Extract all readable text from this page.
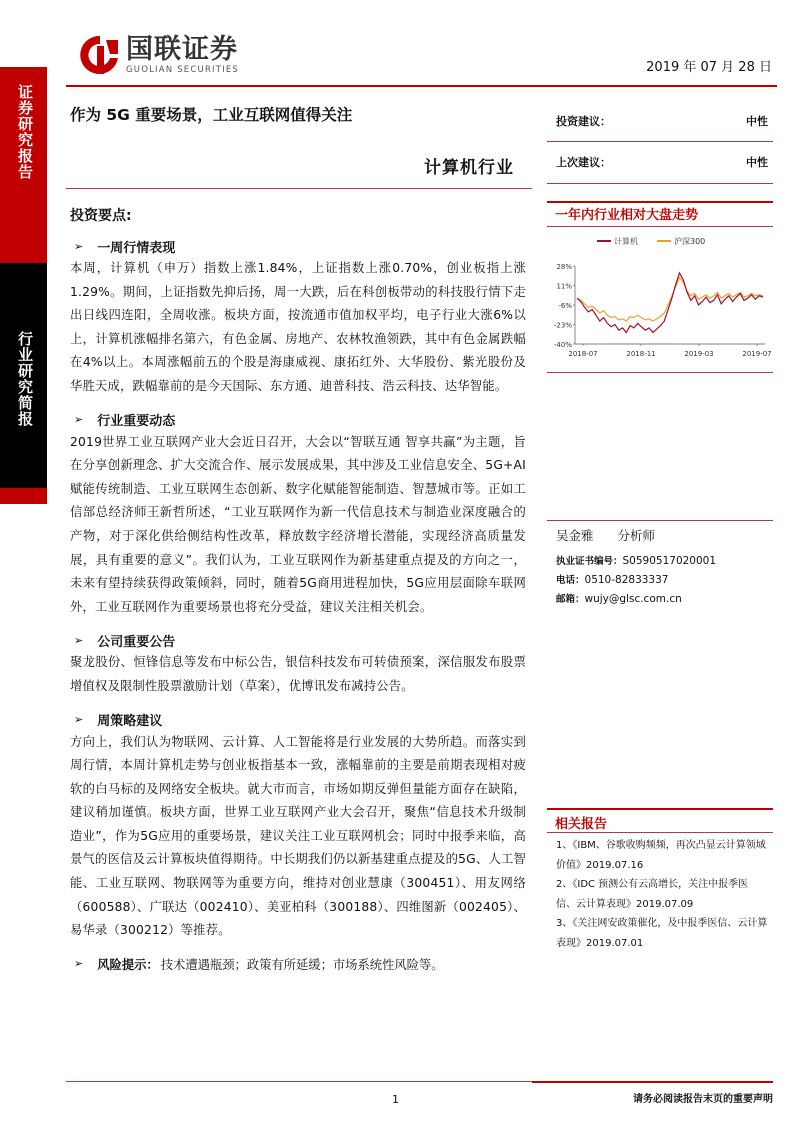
证券研究报告
行业研究简报
国联证券
GUOLIAN SECURITIES	2019 年 07 月 28 日
作为 5G 重要场景，工业互联网值得关注
计算机行业
投资建议：	中性
上次建议：	中性
投资要点:
➢ 一周行情表现
本周，计算机（申万）指数上涨1.84%，上证指数上涨0.70%，创业板指上涨1.29%。期间，上证指数先抑后扬，周一大跌，后在科创板带动的科技股行情下走出日线四连阳，全周收涨。板块方面，按流通市值加权平均，电子行业大涨6%以上，计算机涨幅排名第六，有色金属、房地产、农林牧渔领跌，其中有色金属跌幅在4%以上。本周涨幅前五的个股是海康威视、康拓红外、大华股份、紫光股份及华胜天成，跌幅靠前的是今天国际、东方通、迪普科技、浩云科技、达华智能。
➢ 行业重要动态
2019世界工业互联网产业大会近日召开，大会以“智联互通 智享共赢”为主题，旨在分享创新理念、扩大交流合作、展示发展成果，其中涉及工业信息安全、5G+AI赋能传统制造、工业互联网生态创新、数字化赋能智能制造、智慧城市等。正如工信部总经济师王新哲所述，“工业互联网作为新一代信息技术与制造业深度融合的产物，对于深化供给侧结构性改革，释放数字经济增长潜能，实现经济高质量发展，具有重要的意义”。我们认为，工业互联网作为新基建重点提及的方向之一，未来有望持续获得政策倾斜，同时，随着5G商用进程加快，5G应用层面除车联网外，工业互联网作为重要场景也将充分受益，建议关注相关机会。
➢ 公司重要公告
聚龙股份、恒锋信息等发布中标公告，银信科技发布可转债预案，深信服发布股票增值权及限制性股票激励计划（草案），优博讯发布减持公告。
➢ 周策略建议
方向上，我们认为物联网、云计算、人工智能将是行业发展的大势所趋。而落实到周行情，本周计算机走势与创业板指基本一致，涨幅靠前的主要是前期表现相对疲软的白马标的及网络安全板块。就大市而言，市场如期反弹但量能方面存在缺陷，建议稍加谨慎。板块方面，世界工业互联网产业大会召开，聚焦“信息技术升级制造业”，作为5G应用的重要场景，建议关注工业互联网机会；同时中报季来临，高景气的医信及云计算板块值得期待。中长期我们仍以新基建重点提及的5G、人工智能、工业互联网、物联网等为重要方向，维持对创业慧康（300451）、用友网络（600588）、广联达（002410）、美亚柏科（300188）、四维图新（002405）、易华录（300212）等推荐。
➢ 风险提示： 技术遭遇瓶颈；政策有所延缓；市场系统性风险等。
一年内行业相对大盘走势
计算机	沪深300
28%
11%
-6%
-23%
-40%
2018-07	2018-11	2019-03	2019-07
吴金雅 分析师
执业证书编号：S0590517020001
电话：0510-82833337
邮箱：wujy@glsc.com.cn
相关报告
1、《IBM、谷歌收购频频，再次凸显云计算领域价值》2019.07.16
2、《IDC 预测公有云高增长，关注中报季医信、云计算表现》2019.07.09
3、《关注网安政策催化，及中报季医信、云计算表现》2019.07.01
1	请务必阅读报告末页的重要声明
